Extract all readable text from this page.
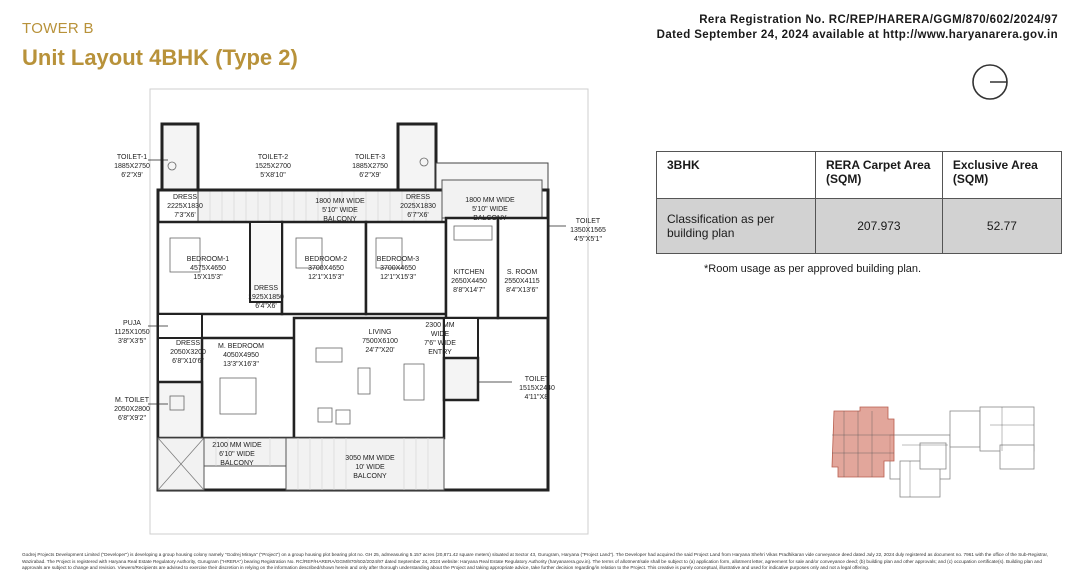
TOWER B
Unit Layout 4BHK (Type 2)
Rera Registration No. RC/REP/HARERA/GGM/870/602/2024/97
Dated September 24, 2024 available at http://www.haryanarera.gov.in
3BHK	RERA Carpet Area (SQM)	Exclusive Area (SQM)
Classification as per building plan	207.973	52.77
*Room usage as per approved building plan.
TOILET-1
1885X2750
6'2"X9'
TOILET-2
1525X2700
5'X8'10"
TOILET-3
1885X2750
6'2"X9'
DRESS
2225X1830
7'3"X6'
1800 MM WIDE
5'10" WIDE
BALCONY
DRESS
2025X1830
6'7"X6'
1800 MM WIDE
5'10" WIDE
BALCONY	TOILET
1350X1565
4'5"X5'1"
BEDROOM-1
4575X4650
15'X15'3"
BEDROOM-2
3700X4650
12'1"X15'3"
BEDROOM-3
3700X4650
12'1"X15'3"
KITCHEN
2650X4450
8'8"X14'7"
S. ROOM
2550X4115
8'4"X13'6"
DRESS
1925X1850
6'4"X6'
PUJA
1125X1050
3'8"X3'5"
LIVING
7500X6100
24'7"X20'
2300 MM
WIDE
7'6" WIDE
ENTRY
DRESS
2050X3200
6'8"X10'6"
M. BEDROOM
4050X4950
13'3"X16'3"
TOILET
1515X2440
4'11"X8'
M. TOILET
2050X2800
6'8"X9'2"
2100 MM WIDE
6'10" WIDE
BALCONY
3050 MM WIDE
10' WIDE
BALCONY
Godrej Projects Development Limited ("Developer") is developing a group housing colony namely "Godrej Miraya" ("Project") on a group housing plot bearing plot no. GH 25, admeasuring 5.157 acres (20,871.42 square meters) situated at Sector 43, Gurugram, Haryana ("Project Land"). The Developer had acquired the said Project Land from Haryana Shehri Vikas Pradhikaran vide conveyance deed dated July 22, 2024 duly registered as document no. 7961 with the office of the Sub-Registrar, Wazirabad. The Project is registered with Haryana Real Estate Regulatory Authority, Gurugram ("HRERA") bearing Registration No. RC/REP/HARERA/GGM/870/602/2024/97 dated September 24, 2024 website: Haryana Real Estate Regulatory Authority (haryanarera.gov.in). The terms of allotment/sale shall be subject to (a) application form, allotment letter, agreement for sale and/or conveyance deed; (b) building plan and other approvals; and (c) occupation certificate(s). Building plan and approvals are subject to change and revision. Viewers/Recipients are advised to exercise their discretion in relying on the information described/shown herein and only after thorough understanding about the Project and taking appropriate advice, take further decision regarding/in relation to the Project. This creative is purely conceptual, illustrative and used for indicative purposes only and not a legal offering.
